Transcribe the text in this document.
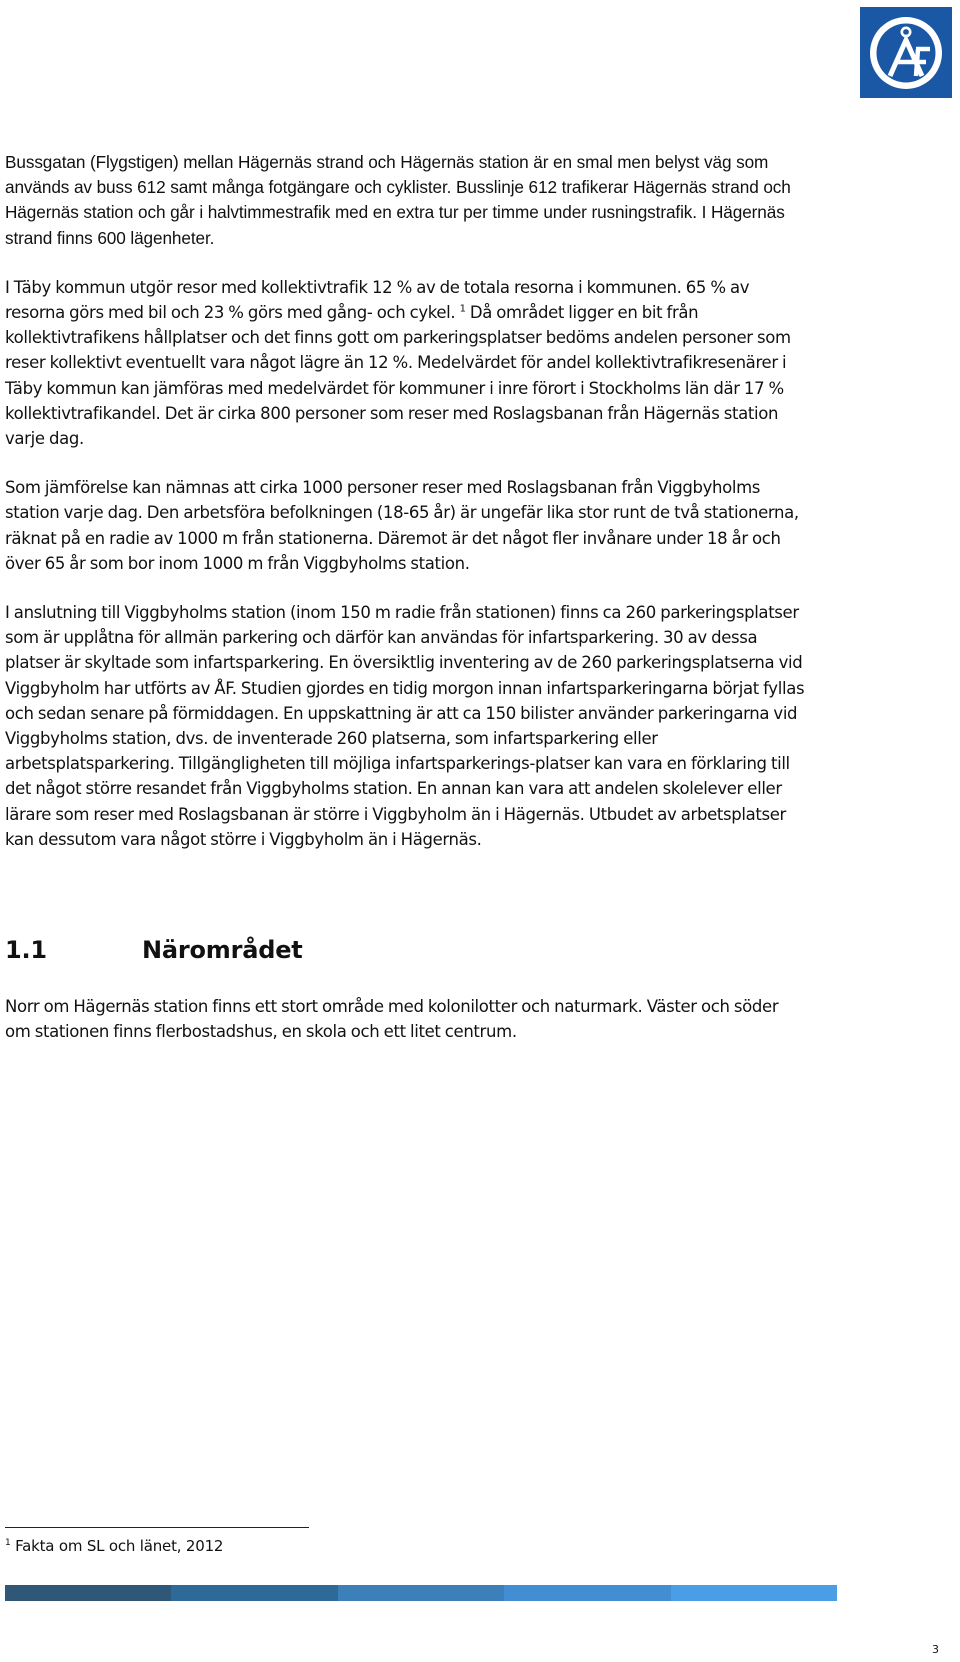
Bussgatan (Flygstigen) mellan Hägernäs strand och Hägernäs station är en smal men belyst väg som används av buss 612 samt många fotgängare och cyklister. Busslinje 612 trafikerar Hägernäs strand och Hägernäs station och går i halvtimmestrafik med en extra tur per timme under rusningstrafik. I Hägernäs strand finns 600 lägenheter.

I Täby kommun utgör resor med kollektivtrafik 12 % av de totala resorna i kommunen. 65 % av resorna görs med bil och 23 % görs med gång- och cykel. $^1$ Då området ligger en bit från kollektivtrafikens hållplatser och det finns gott om parkeringsplatser bedöms andelen personer som reser kollektivt eventuellt vara något lägre än 12 %. Medelvärdet för andel kollektivtrafikresenärer i Täby kommun kan jämföras med medelvärdet för kommuner i inre förort i Stockholms län där 17 % kollektivtrafikandel. Det är cirka 800 personer som reser med Roslagsbanan från Hägernäs station varje dag.

Som jämförelse kan nämnas att cirka 1000 personer reser med Roslagsbanan från Viggbyholms station varje dag. Den arbetsföra befolkningen (18-65 år) är ungefär lika stor runt de två stationerna, räknat på en radie av 1000 m från stationerna. Däremot är det något fler invånare under 18 år och över 65 år som bor inom 1000 m från Viggbyholms station.

I anslutning till Viggbyholms station (inom 150 m radie från stationen) finns ca 260 parkeringsplatser som är upplåtna för allmän parkering och därför kan användas för infartsparkering. 30 av dessa platser är skyltade som infartsparkering. En översiktlig inventering av de 260 parkeringsplatserna vid Viggbyholm har utförts av ÅF. Studien gjordes en tidig morgon innan infartsparkeringarna börjat fyllas och sedan senare på förmiddagen. En uppskattning är att ca 150 bilister använder parkeringarna vid Viggbyholms station, dvs. de inventerade 260 platserna, som infartsparkering eller arbetsplatsparkering. Tillgängligheten till möjliga infartsparkerings-platser kan vara en förklaring till det något större resandet från Viggbyholms station. En annan kan vara att andelen skolelever eller lärare som reser med Roslagsbanan är större i Viggbyholm än i Hägernäs. Utbudet av arbetsplatser kan dessutom vara något större i Viggbyholm än i Hägernäs.

1.1	Närområdet

Norr om Hägernäs station finns ett stort område med kolonilotter och naturmark. Väster och söder om stationen finns flerbostadshus, en skola och ett litet centrum.

$^1$ Fakta om SL och länet, 2012
3
